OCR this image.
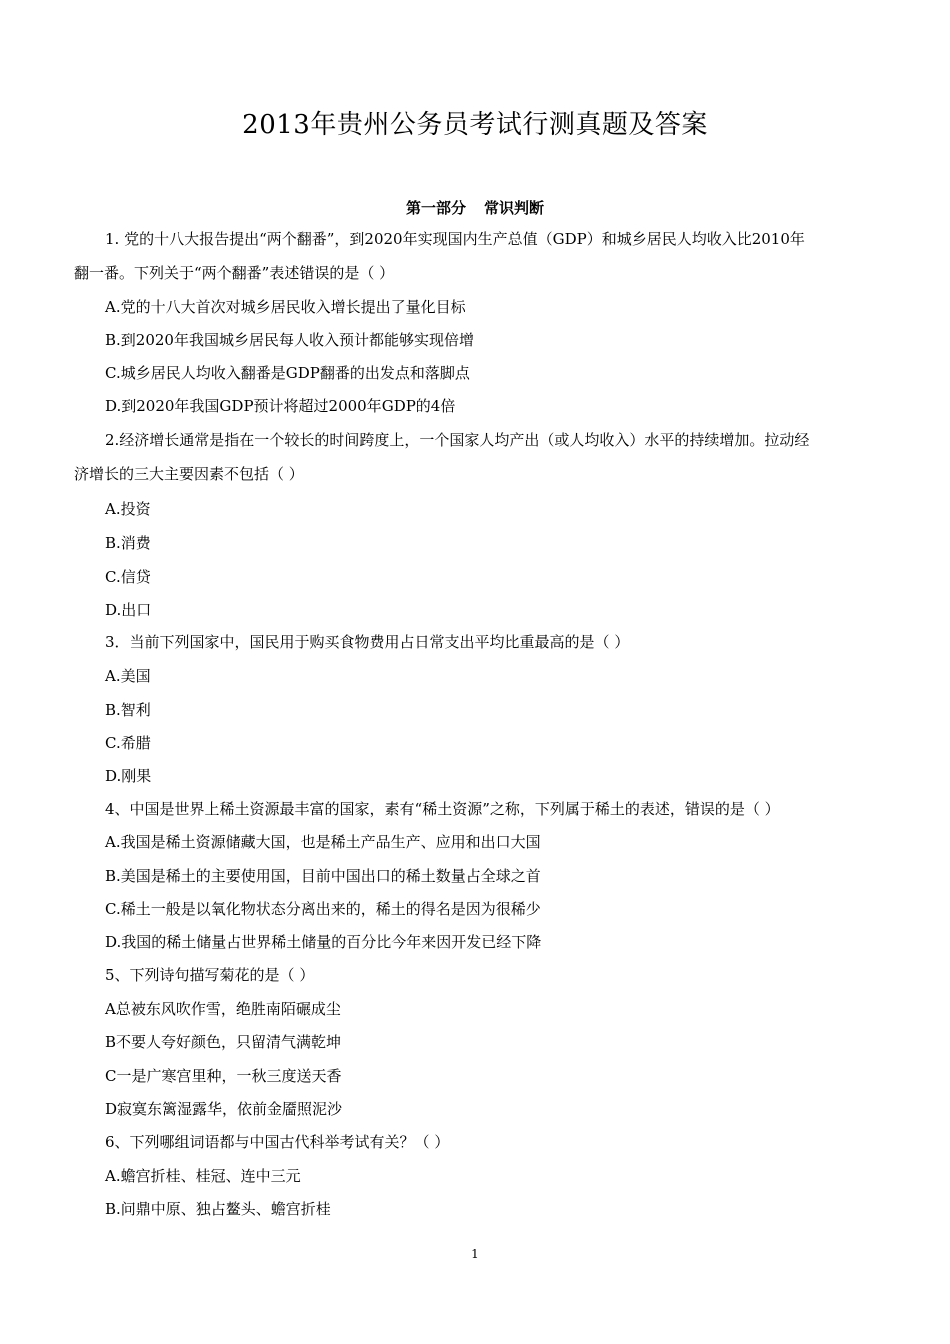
2013年贵州公务员考试行测真题及答案
第一部分 常识判断
1. 党的十八大报告提出“两个翻番”，到2020年实现国内生产总值（GDP）和城乡居民人均收入比2010年
翻一番。下列关于“两个翻番”表述错误的是（ ）
A.党的十八大首次对城乡居民收入增长提出了量化目标
B.到2020年我国城乡居民每人收入预计都能够实现倍增
C.城乡居民人均收入翻番是GDP翻番的出发点和落脚点
D.到2020年我国GDP预计将超过2000年GDP的4倍
2.经济增长通常是指在一个较长的时间跨度上，一个国家人均产出（或人均收入）水平的持续增加。拉动经
济增长的三大主要因素不包括（ ）
A.投资
B.消费
C.信贷
D.出口
3．当前下列国家中，国民用于购买食物费用占日常支出平均比重最高的是（ ）
A.美国
B.智利
C.希腊
D.刚果
4、中国是世界上稀土资源最丰富的国家，素有“稀土资源”之称，下列属于稀土的表述，错误的是（ ）
A.我国是稀土资源储藏大国，也是稀土产品生产、应用和出口大国
B.美国是稀土的主要使用国，目前中国出口的稀土数量占全球之首
C.稀土一般是以氧化物状态分离出来的，稀土的得名是因为很稀少
D.我国的稀土储量占世界稀土储量的百分比今年来因开发已经下降
5、下列诗句描写菊花的是（ ）
A总被东风吹作雪，绝胜南陌碾成尘
B不要人夸好颜色，只留清气满乾坤
C一是广寒宫里种，一秋三度送天香
D寂寞东篱湿露华，依前金靥照泥沙
6、下列哪组词语都与中国古代科举考试有关？（ ）
A.蟾宫折桂、桂冠、连中三元
B.问鼎中原、独占鳌头、蟾宫折桂
1
